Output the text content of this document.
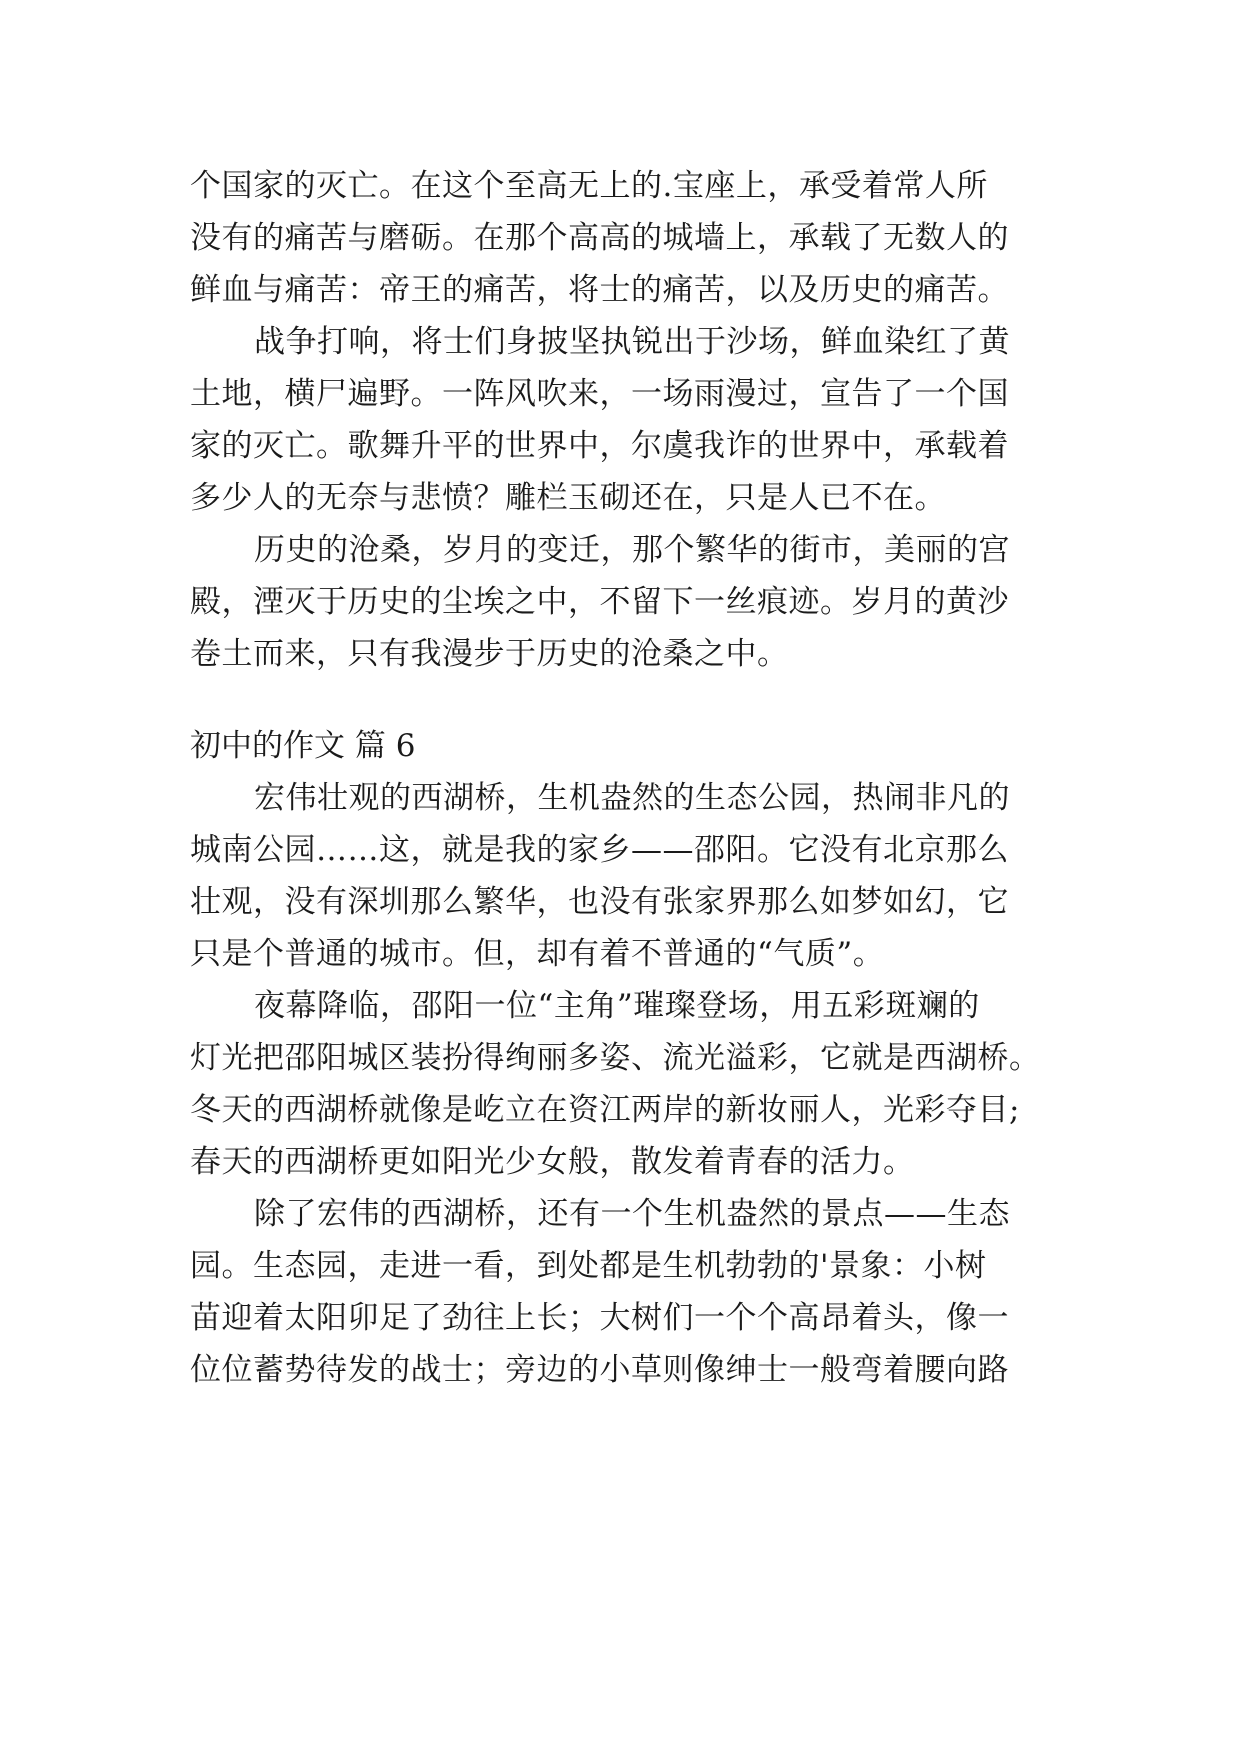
个国家的灭亡。在这个至高无上的.宝座上，承受着常人所
没有的痛苦与磨砺。在那个高高的城墙上，承载了无数人的
鲜血与痛苦：帝王的痛苦，将士的痛苦，以及历史的痛苦。
战争打响，将士们身披坚执锐出于沙场，鲜血染红了黄
土地，横尸遍野。一阵风吹来，一场雨漫过，宣告了一个国
家的灭亡。歌舞升平的世界中，尔虞我诈的世界中，承载着
多少人的无奈与悲愤？雕栏玉砌还在，只是人已不在。
历史的沧桑，岁月的变迁，那个繁华的街市，美丽的宫
殿，湮灭于历史的尘埃之中，不留下一丝痕迹。岁月的黄沙
卷土而来，只有我漫步于历史的沧桑之中。
初中的作文 篇 6
宏伟壮观的西湖桥，生机盎然的生态公园，热闹非凡的
城南公园……这，就是我的家乡——邵阳。它没有北京那么
壮观，没有深圳那么繁华，也没有张家界那么如梦如幻，它
只是个普通的城市。但，却有着不普通的“气质”。
夜幕降临，邵阳一位“主角”璀璨登场，用五彩斑斓的
灯光把邵阳城区装扮得绚丽多姿、流光溢彩，它就是西湖桥。
冬天的西湖桥就像是屹立在资江两岸的新妆丽人，光彩夺目;
春天的西湖桥更如阳光少女般，散发着青春的活力。
除了宏伟的西湖桥，还有一个生机盎然的景点——生态
园。生态园，走进一看，到处都是生机勃勃的'景象：小树
苗迎着太阳卯足了劲往上长；大树们一个个高昂着头，像一
位位蓄势待发的战士；旁边的小草则像绅士一般弯着腰向路
